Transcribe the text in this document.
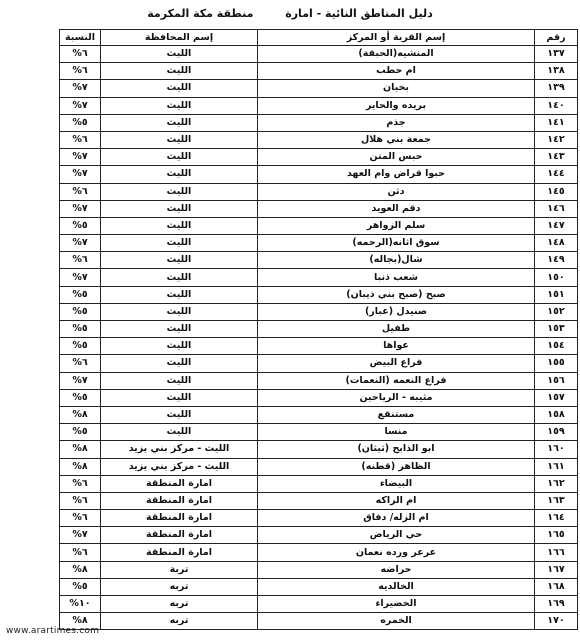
دليل المناطق النائية - امارة منطقة مكة المكرمة
رقم	إسم القرية أو المركز	إسم المحافظة	النسبة
١٣٧	المنشيه(الحبقة)	الليث	%٦
١٣٨	ام حطب	الليث	%٦
١٣٩	بخيان	الليث	%٧
١٤٠	بريده والحاير	الليث	%٧
١٤١	جذم	الليث	%٥
١٤٢	جمعة بني هلال	الليث	%٦
١٤٣	حبس المتن	الليث	%٧
١٤٤	حبوا قراض وام العهد	الليث	%٧
١٤٥	دثن	الليث	%٦
١٤٦	دقم العويد	الليث	%٧
١٤٧	سلم الزواهر	الليث	%٥
١٤٨	سوق اثانه(الرحمه)	الليث	%٧
١٤٩	شال(بجاله)	الليث	%٦
١٥٠	شعب ذنبا	الليث	%٧
١٥١	صبح (صبح بني ذيبان)	الليث	%٥
١٥٢	صنيدل (عبار)	الليث	%٥
١٥٣	طفيل	الليث	%٥
١٥٤	عواها	الليث	%٥
١٥٥	فراع البيض	الليث	%٦
١٥٦	فراع النعمه (النعمات)	الليث	%٧
١٥٧	مثيبه - الرياحين	الليث	%٥
١٥٨	مستنقع	الليث	%٨
١٥٩	منسا	الليث	%٥
١٦٠	ابو الذابح (ثيثان)	الليث - مركز بني يزيد	%٨
١٦١	الظاهر (قطنه)	الليث - مركز بني يزيد	%٨
١٦٢	البيضاء	امارة المنطقة	%٦
١٦٣	ام الراكه	امارة المنطقة	%٦
١٦٤	ام الزله/ دفاق	امارة المنطقة	%٦
١٦٥	حي الرياض	امارة المنطقة	%٧
١٦٦	عرعر ورده نعمان	امارة المنطقة	%٦
١٦٧	حراضه	تربة	%٨
١٦٨	الخالديه	تربه	%٥
١٦٩	الخضيراء	تربه	%١٠
١٧٠	الخمره	تربه	%٨
www.arartimes.com
